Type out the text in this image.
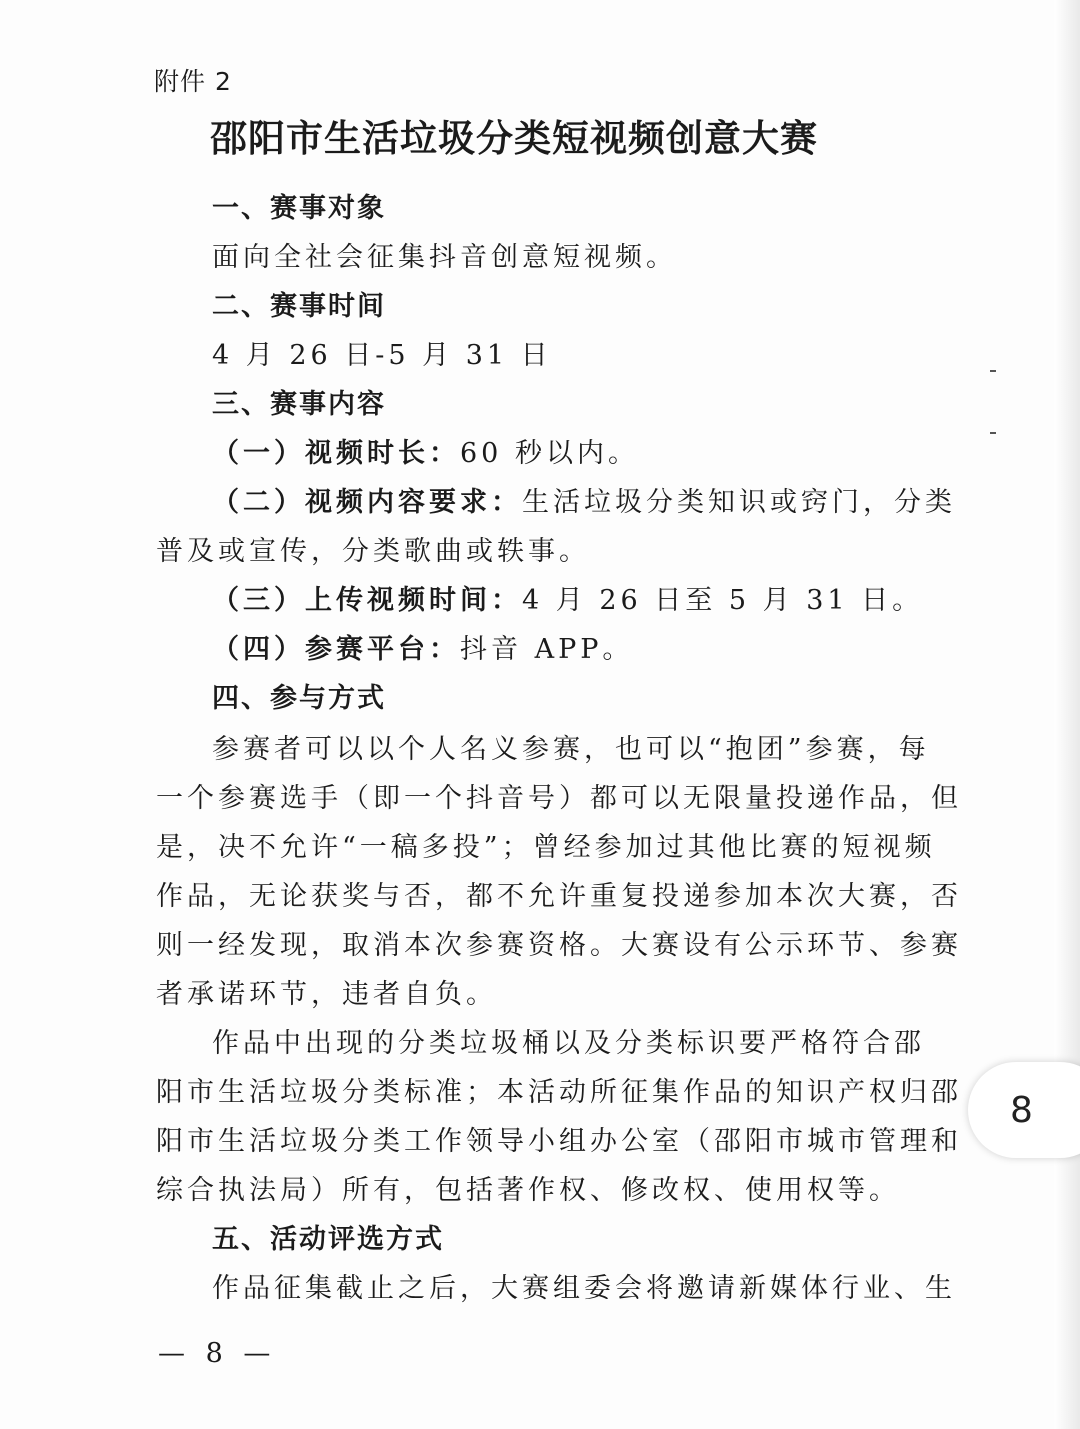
附件 2
邵阳市生活垃圾分类短视频创意大赛
一、赛事对象
面向全社会征集抖音创意短视频。
二、赛事时间
4 月 26 日-5 月 31 日
三、赛事内容
（一）视频时长：60 秒以内。
（二）视频内容要求：生活垃圾分类知识或窍门，分类
普及或宣传，分类歌曲或轶事。
（三）上传视频时间：4 月 26 日至 5 月 31 日。
（四）参赛平台：抖音 APP。
四、参与方式
参赛者可以以个人名义参赛，也可以“抱团”参赛，每
一个参赛选手（即一个抖音号）都可以无限量投递作品，但
是，决不允许“一稿多投”；曾经参加过其他比赛的短视频
作品，无论获奖与否，都不允许重复投递参加本次大赛，否
则一经发现，取消本次参赛资格。大赛设有公示环节、参赛
者承诺环节，违者自负。
作品中出现的分类垃圾桶以及分类标识要严格符合邵
阳市生活垃圾分类标准；本活动所征集作品的知识产权归邵
阳市生活垃圾分类工作领导小组办公室（邵阳市城市管理和
综合执法局）所有，包括著作权、修改权、使用权等。
五、活动评选方式
作品征集截止之后，大赛组委会将邀请新媒体行业、生
— 8 —
8
